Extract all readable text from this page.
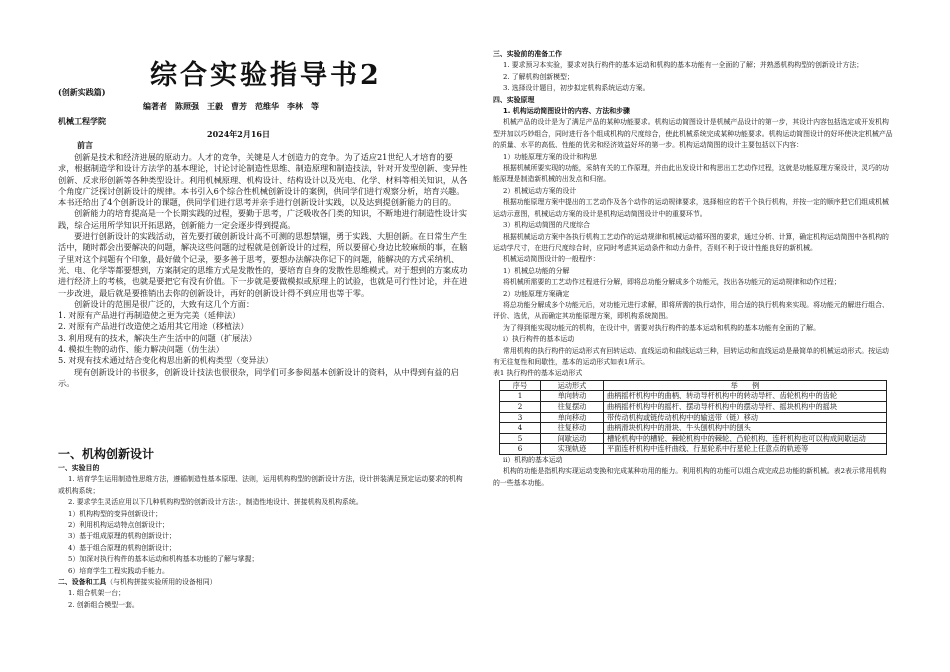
综合实验指导书2
(创新实践篇)
编著者　陈照强　王毅　曹芳　范维华　李林　等
机械工程学院
2024年2月16日
前言

创新是技术和经济进展的原动力。人才的竞争，关键是人才创造力的竞争。为了适应21世纪人才培育的要求，根据制造学和设计方法学的基本理论，讨论讨论制造性思维、制造原理和制造技法，针对开发型创新、变异性创新、反求形创新等各种类型设计。利用机械原理、机构设计、结构设计以及光电、化学、材料等相关知识，从各个角度广泛探讨创新设计的规律。本书引入6个综合性机械创新设计的案例，供同学们进行观察分析，培育兴趣。本书还给出了4个创新设计的课题，供同学们进行思考并亲手进行创新设计实践，以及达到提创新能力的目的。

创新能力的培育提高是一个长期实践的过程，要勤于思考，广泛吸收各门类的知识，不断地进行制造性设计实践，综合运用所学知识开拓思路，创新能力一定会逐步得到提高。

要进行创新设计的实践活动，首先要打破创新设计高不可测的思想禁锢，勇于实践、大胆创新。在日常生产生活中，随时都会出要解决的问题，解决这些问题的过程就是创新设计的过程，所以要留心身边比较麻烦的事，在脑子里对这个问题有个印象，最好做个记录，要多善于思考，要想办法解决你记下的问题，能解决的方式采纳机、光、电、化学等都要想到，方案制定的思维方式是发散性的，要培育自身的发散性思维模式。对于想到的方案成功进行经济上的考核，也就是要把它有没有价值。下一步就是要做模拟或原理上的试验，也就是可行性讨论，并在进一步改进，最后就是要推销出去你的创新设计，再好的创新设计得不到应用也等于零。

创新设计的范围是很广泛的，大致有这几个方面：

1. 对原有产品进行再制造使之更为完美（延伸法）

2. 对原有产品进行改造使之适用其它用途（移植法）

3. 利用现有的技术，解决生产生活中的问题（扩展法）

4. 模拟生物的动作、能力解决问题（仿生法）

5. 对现有技术通过结合变化构思出新的机构类型（变异法）

现有创新设计的书很多，创新设计技法也很很杂，同学们可多参阅基本创新设计的资料，从中得到有益的启示。

一、机构创新设计

一、实验目的

1. 培育学生运用制造性思维方法，遵循制造性基本原理、法则，运用机构构型的创新设计方法，设计拼装满足预定运动要求的机构或机构系统；

2. 要求学生灵活应用以下几种机构构型的创新设计方法：，制造性地设计、拼接机构及机构系统。

1）机构构型的变异创新设计；

2）利用机构运动特点创新设计；

3）基于组成原理的机构创新设计；

4）基于组合原理的机构创新设计；

5）加深对执行构件的基本运动和机构基本功能的了解与掌握；

6）培育学生工程实践动手能力。

二、设备和工具（与机构拼接实验所用的设备相同）

1. 组合机架一台；

2. 创新组合模型一套。

三、实验前的准备工作

1. 要求预习本实验，要求对执行构件的基本运动和机构的基本功能有一全面的了解；并熟悉机构构型的创新设计方法；

2. 了解机构创新模型；

3. 选择设计题目，初步拟定机构系统运动方案。

四、实验原理

1. 机构运动简图设计的内容、方法和步骤

机械产品的设计是为了满足产品的某种功能要求。机构运动简图设计是机械产品设计的第一步，其设计内容包括选定或开发机构型并加以巧妙组合，同时进行各个组成机构的尺度综合，使此机械系统完成某种功能要求。机构运动简图设计的好坏使决定机械产品的质量、水平的高低、性能的优劣和经济效益好坏的第一步。机构运动简图的设计主要包括以下内容：

1）功能原理方案的设计和构思

根据机械所要实现的功能，采纳有关的工作原理，并由此出发设计和构思出工艺动作过程，这就是功能原理方案设计，灵巧的功能原理是制造新机械的出发点和归宿。

2）机械运动方案的设计

根据功能原理方案中提出的工艺动作及各个动作的运动规律要求，选择相应的若干个执行机构，并按一定的顺序把它们组成机械运动示意图，机械运动方案的设计是机构运动简图设计中的重要环节。

3）机构运动简图的尺度综合

根据机械运动方案中各执行机构工艺动作的运动规律和机械运动循环图的要求，通过分析、计算，确定机构运动简图中各机构的运动学尺寸，在进行尺度综合时，应同时考虑其运动条件和动力条件，否则不利于设计性能良好的新机械。

机械运动简图设计的一般程序：

1）机械总功能的分解

将机械所需要的工艺动作过程进行分解，即将总功能分解成多个功能元，找出各功能元的运动规律和动作过程；

2）功能原理方案确定

将总功能分解成多个功能元后，对功能元进行求解，即将所需的执行动作，用合适的执行机构来实现。将功能元的解进行组合、评价、选优，从而确定其功能原理方案，即机构系统简图。

为了得到能实现功能元的机构，在设计中，需要对执行构件的基本运动和机构的基本功能有全面的了解。

ⅰ）执行构件的基本运动

常用机构的执行构件的运动形式有回转运动、直线运动和曲线运动三种，回转运动和直线运动是最简单的机械运动形式。按运动有无往复性和间歇性，基本的运动形式如表1所示。

表1 执行构件的基本运动形式

序号	运动形式	举　　例
1	单向转动	曲柄摇杆机构中的曲柄、转动导杆机构中的转动导杆、齿轮机构中的齿轮
2	往复摆动	曲柄摇杆机构中的摇杆、摆动导杆机构中的摆动导杆、摇块机构中的摇块
3	单向移动	带传动机构或链传动机构中的输送带（链）移动
4	往复移动	曲柄滑块机构中的滑块、牛头刨机构中的刨头
5	间歇运动	槽轮机构中的槽轮、棘轮机构中的棘轮、凸轮机构、连杆机构也可以构成间歇运动
6	实现轨迹	平面连杆机构中连杆曲线、行星轮系中行星轮上任意点的轨迹等

ⅱ）机构的基本运动

机构的功能是指机构实现运动变换和完成某种功用的能力。利用机构的功能可以组合成完成总功能的新机械。表2表示常用机构的一些基本功能。
